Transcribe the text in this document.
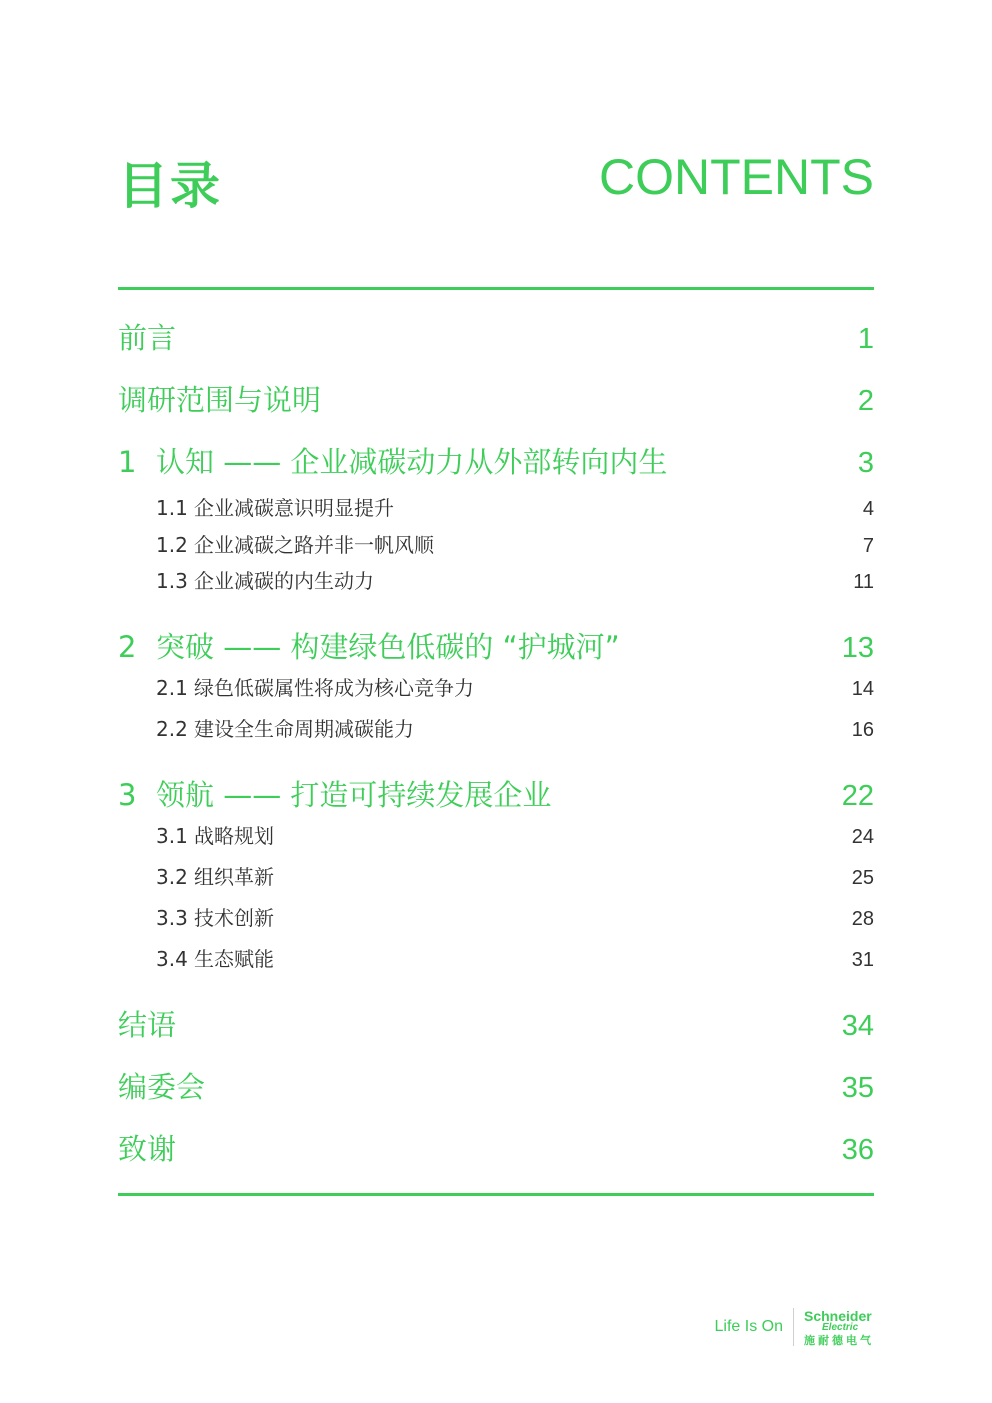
目录	CONTENTS
前言	1
调研范围与说明	2
1 认知 —— 企业减碳动力从外部转向内生	3
1.1 企业减碳意识明显提升	4
1.2 企业减碳之路并非一帆风顺	7
1.3 企业减碳的内生动力	11
2 突破 —— 构建绿色低碳的 “护城河”	13
2.1 绿色低碳属性将成为核心竞争力	14
2.2 建设全生命周期减碳能力	16
3 领航 —— 打造可持续发展企业	22
3.1 战略规划	24
3.2 组织革新	25
3.3 技术创新	28
3.4 生态赋能	31
结语	34
编委会	35
致谢	36
Life Is On
Schneider
Electric
施耐德电气
